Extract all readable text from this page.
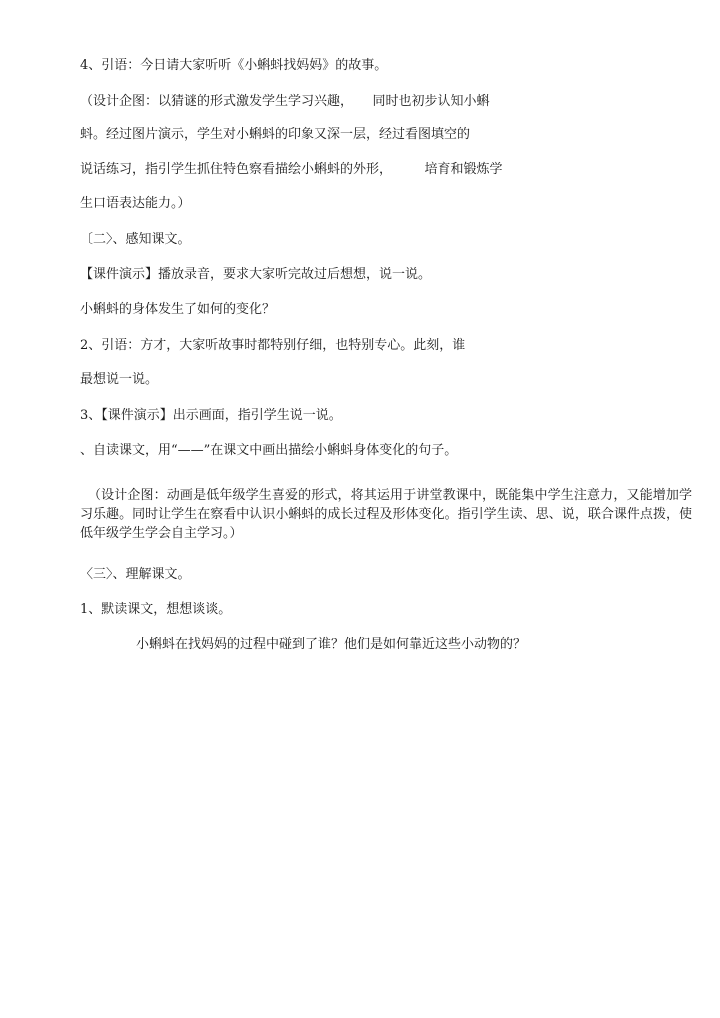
4、引语：今日请大家听听《小蝌蚪找妈妈》的故事。
（设计企图：以猜谜的形式激发学生学习兴趣，　　同时也初步认知小蝌
蚪。经过图片演示，学生对小蝌蚪的印象又深一层，经过看图填空的
说话练习，指引学生抓住特色察看描绘小蝌蚪的外形，　　　培育和锻炼学
生口语表达能力。）
〔二〉、感知课文。
【课件演示】播放录音，要求大家听完故过后想想，说一说。
小蝌蚪的身体发生了如何的变化？
2、引语：方才，大家听故事时都特别仔细，也特别专心。此刻，谁
最想说一说。
3、【课件演示】出示画面，指引学生说一说。
、自读课文，用“——”在课文中画出描绘小蝌蚪身体变化的句子。
（设计企图：动画是低年级学生喜爱的形式，将其运用于讲堂教课中，既能集中学生注意力，又能增加学习乐趣。同时让学生在察看中认识小蝌蚪的成长过程及形体变化。指引学生读、思、说，联合课件点拨，使低年级学生学会自主学习。）
〈三〉、理解课文。
1、默读课文，想想谈谈。
小蝌蚪在找妈妈的过程中碰到了谁？他们是如何靠近这些小动物的？
